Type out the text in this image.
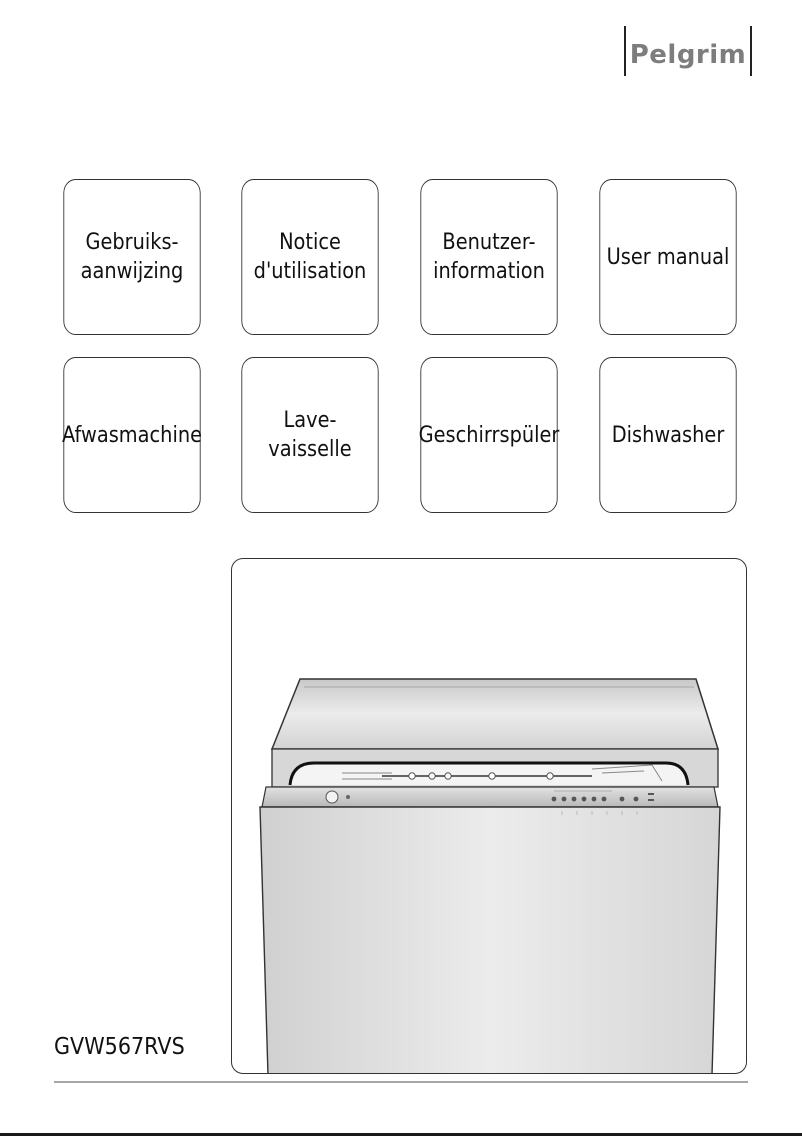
Pelgrim
Gebruiks-
aanwijzing
Notice
d'utilisation
Benutzer-
information
User manual
Afwasmachine
Lave-vaisselle
Geschirrspüler Dishwasher
GVW567RVS
